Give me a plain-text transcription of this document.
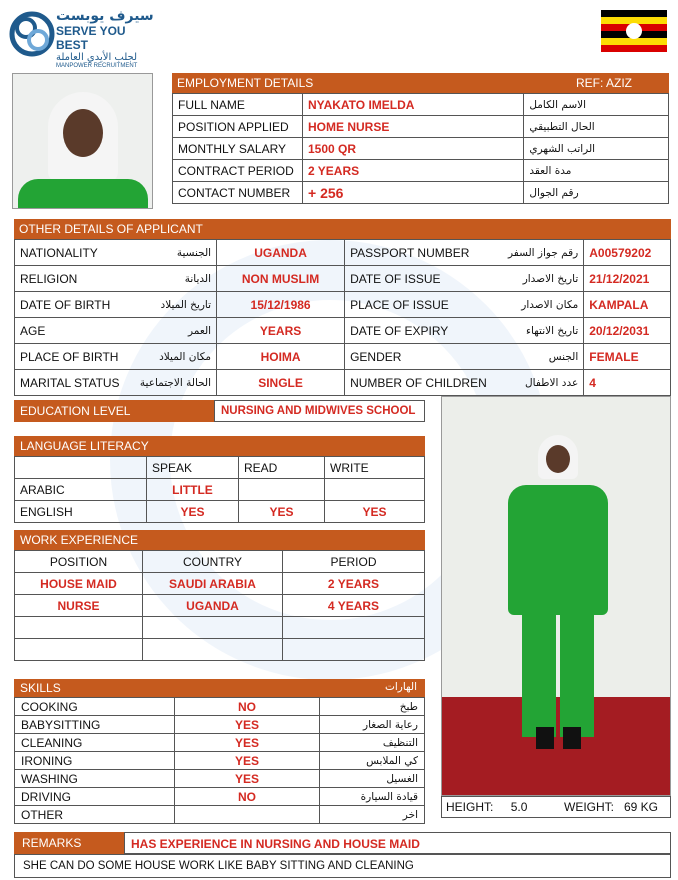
سيرف يوبست
SERVE YOU BEST
لجلب الأيدي العاملة
MANPOWER RECRUITMENT
EMPLOYMENT DETAILS	REF: AZIZ
FULL NAME	NYAKATO IMELDA	الاسم الكامل
POSITION APPLIED	HOME NURSE	الحال التطبيقي
MONTHLY SALARY	1500 QR	الراتب الشهري
CONTRACT PERIOD	2 YEARS	مدة العقد
CONTACT NUMBER	+ 256	رقم الجوال
OTHER DETAILS OF APPLICANT
NATIONALITY	الجنسية	UGANDA	PASSPORT NUMBER	رقم جواز السفر	A00579202
RELIGION	الديانة	NON MUSLIM	DATE OF ISSUE	تاريخ الاصدار	21/12/2021
DATE OF BIRTH	تاريخ الميلاد	15/12/1986	PLACE OF ISSUE	مكان الاصدار	KAMPALA
AGE	العمر	YEARS	DATE OF EXPIRY	تاريخ الانتهاء	20/12/2031
PLACE OF BIRTH	مكان الميلاد	HOIMA	GENDER	الجنس	FEMALE
MARITAL STATUS	الحالة الاجتماعية	SINGLE	NUMBER OF CHILDREN	عدد الاطفال	4
EDUCATION LEVEL	NURSING AND MIDWIVES SCHOOL
LANGUAGE LITERACY
	SPEAK	READ	WRITE
ARABIC	LITTLE		
ENGLISH	YES	YES	YES
WORK EXPERIENCE
POSITION	COUNTRY	PERIOD
HOUSE MAID	SAUDI ARABIA	2 YEARS
NURSE	UGANDA	4 YEARS

SKILLS	الهارات
COOKING	NO	طبخ
BABYSITTING	YES	رعاية الصغار
CLEANING	YES	التنظيف
IRONING	YES	كي الملابس
WASHING	YES	الغسيل
DRIVING	NO	قيادة السيارة
OTHER		اخر
HEIGHT: 5.0	WEIGHT: 69 KG
REMARKS	HAS EXPERIENCE IN NURSING AND HOUSE MAID
SHE CAN DO SOME HOUSE WORK LIKE BABY SITTING AND CLEANING
